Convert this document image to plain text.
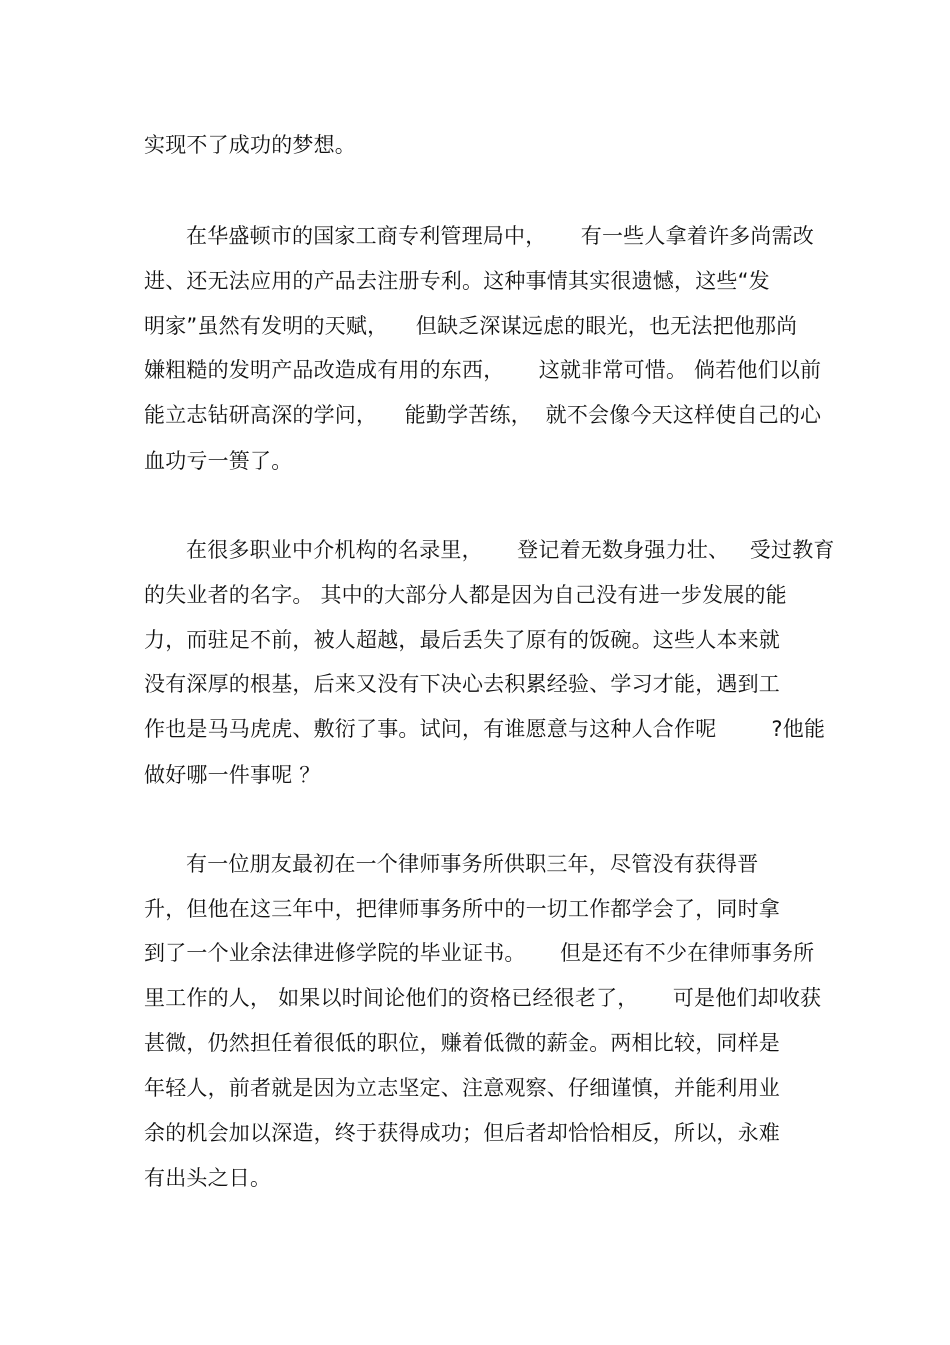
实现不了成功的梦想。
在华盛顿市的国家工商专利管理局中，     有一些人拿着许多尚需改
进、还无法应用的产品去注册专利。这种事情其实很遗憾，这些“发
明家”虽然有发明的天赋，    但缺乏深谋远虑的眼光，也无法把他那尚
嫌粗糙的发明产品改造成有用的东西，     这就非常可惜。 倘若他们以前
能立志钻研高深的学问，    能勤学苦练，  就不会像今天这样使自己的心
血功亏一篑了。
在很多职业中介机构的名录里，     登记着无数身强力壮、   受过教育
的失业者的名字。 其中的大部分人都是因为自己没有进一步发展的能
力，而驻足不前，被人超越，最后丢失了原有的饭碗。这些人本来就
没有深厚的根基，后来又没有下决心去积累经验、学习才能，遇到工
作也是马马虎虎、敷衍了事。试问，有谁愿意与这种人合作呢        ?他能
做好哪一件事呢 ？
有一位朋友最初在一个律师事务所供职三年，尽管没有获得晋
升，但他在这三年中，把律师事务所中的一切工作都学会了，同时拿
到了一个业余法律进修学院的毕业证书。     但是还有不少在律师事务所
里工作的人， 如果以时间论他们的资格已经很老了，     可是他们却收获
甚微，仍然担任着很低的职位，赚着低微的薪金。两相比较，同样是
年轻人，前者就是因为立志坚定、注意观察、仔细谨慎，并能利用业
余的机会加以深造，终于获得成功；但后者却恰恰相反，所以，永难
有出头之日。
